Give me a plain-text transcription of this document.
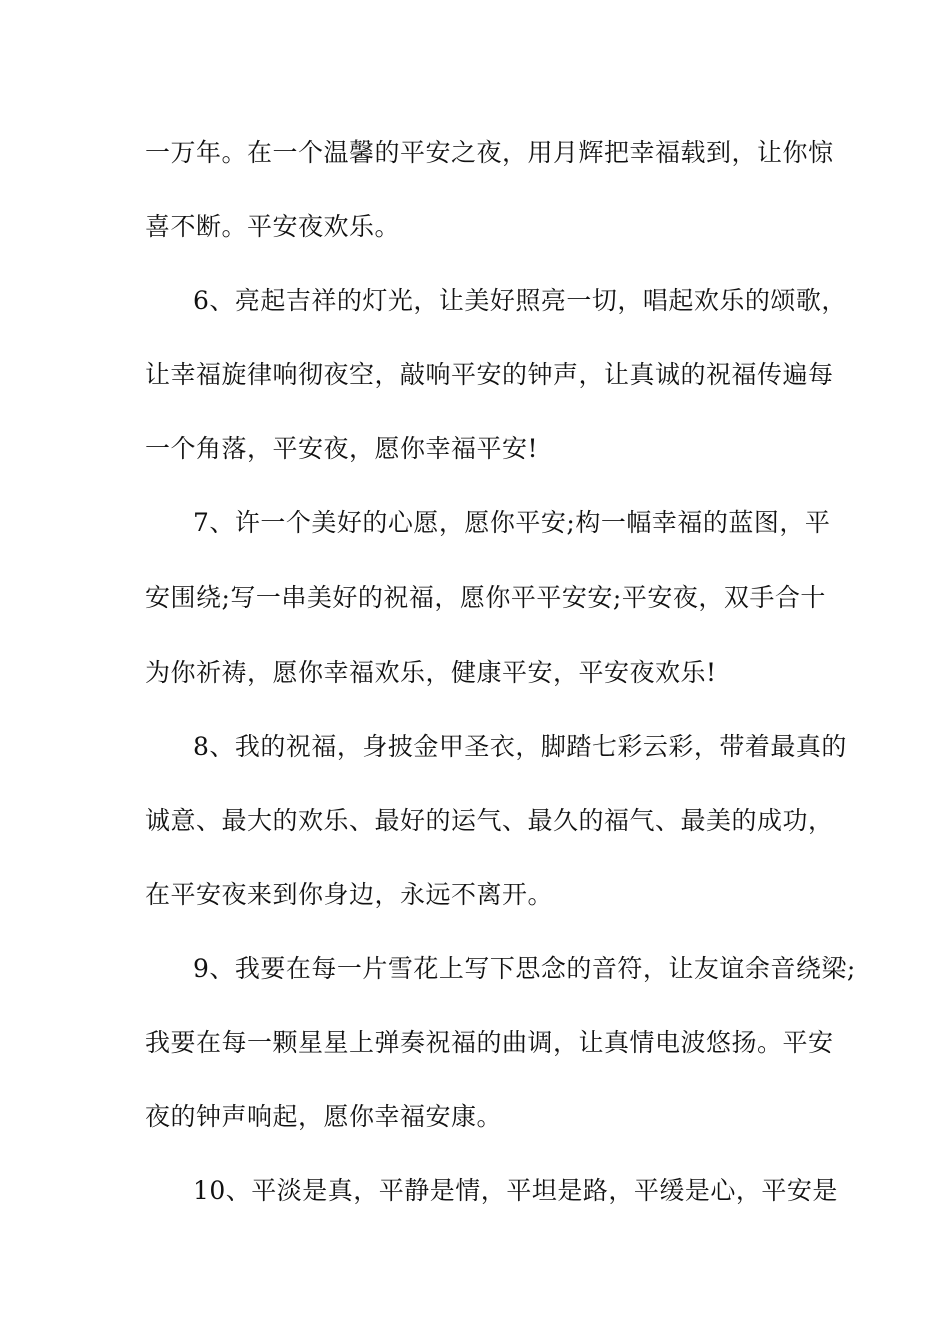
一万年。在一个温馨的平安之夜，用月辉把幸福载到，让你惊
喜不断。平安夜欢乐。
6、亮起吉祥的灯光，让美好照亮一切，唱起欢乐的颂歌，
让幸福旋律响彻夜空，敲响平安的钟声，让真诚的祝福传遍每
一个角落，平安夜，愿你幸福平安!
7、许一个美好的心愿，愿你平安;构一幅幸福的蓝图，平
安围绕;写一串美好的祝福，愿你平平安安;平安夜，双手合十
为你祈祷，愿你幸福欢乐，健康平安，平安夜欢乐!
8、我的祝福，身披金甲圣衣，脚踏七彩云彩，带着最真的
诚意、最大的欢乐、最好的运气、最久的福气、最美的成功，
在平安夜来到你身边，永远不离开。
9、我要在每一片雪花上写下思念的音符，让友谊余音绕梁;
我要在每一颗星星上弹奏祝福的曲调，让真情电波悠扬。平安
夜的钟声响起，愿你幸福安康。
10、平淡是真，平静是情，平坦是路，平缓是心，平安是
